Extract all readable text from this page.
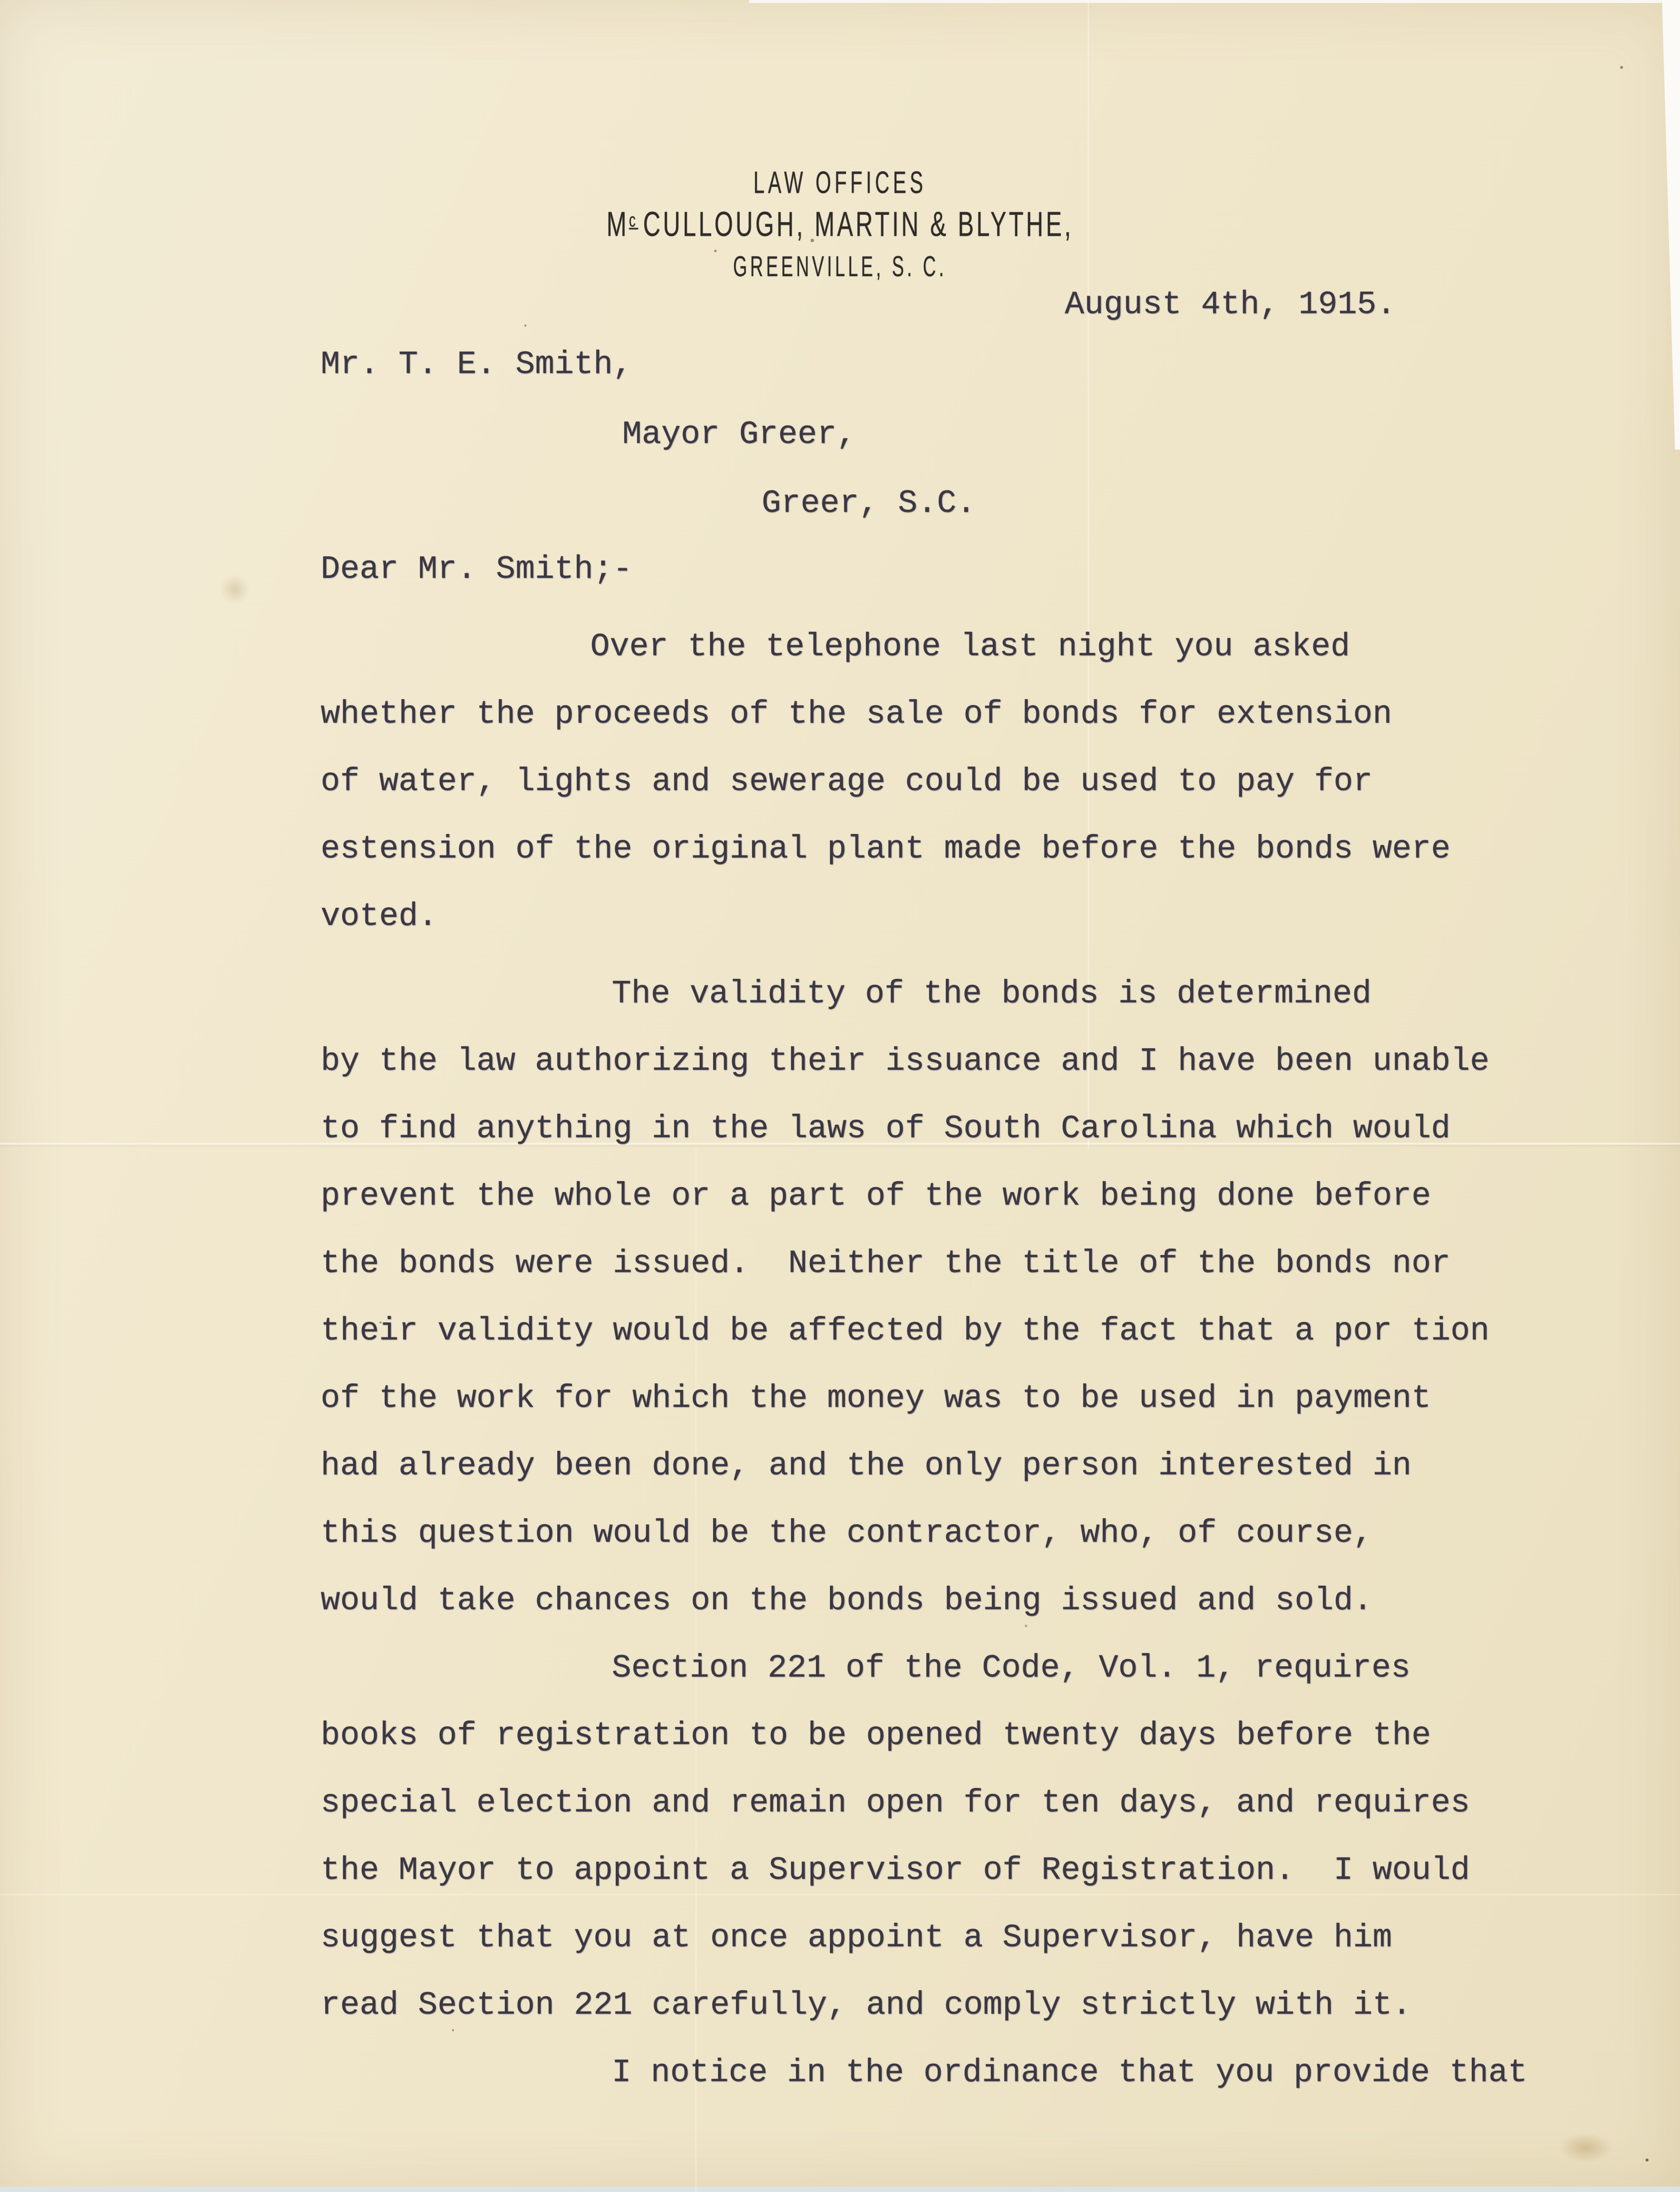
LAW OFFICES
$M^c$ CULLOUGH, MARTIN & BLYTHE,
GREENVILLE, S. C.
August 4th, 1915.
Mr. T. E. Smith,
Mayor Greer,
Greer, S.C.
Dear Mr. Smith;-
Over the telephone last night you asked
whether the proceeds of the sale of bonds for extension
of water, lights and sewerage could be used to pay for
estension of the original plant made before the bonds were
voted.
The validity of the bonds is determined
by the law authorizing their issuance and I have been unable
to find anything in the laws of South Carolina which would
prevent the whole or a part of the work being done before
the bonds were issued.  Neither the title of the bonds nor
their validity would be affected by the fact that a por tion
of the work for which the money was to be used in payment
had already been done, and the only person interested in
this question would be the contractor, who, of course,
would take chances on the bonds being issued and sold.
Section 221 of the Code, Vol. 1, requires
books of registration to be opened twenty days before the
special election and remain open for ten days, and requires
the Mayor to appoint a Supervisor of Registration.  I would
suggest that you at once appoint a Supervisor, have him
read Section 221 carefully, and comply strictly with it.
I notice in the ordinance that you provide that
